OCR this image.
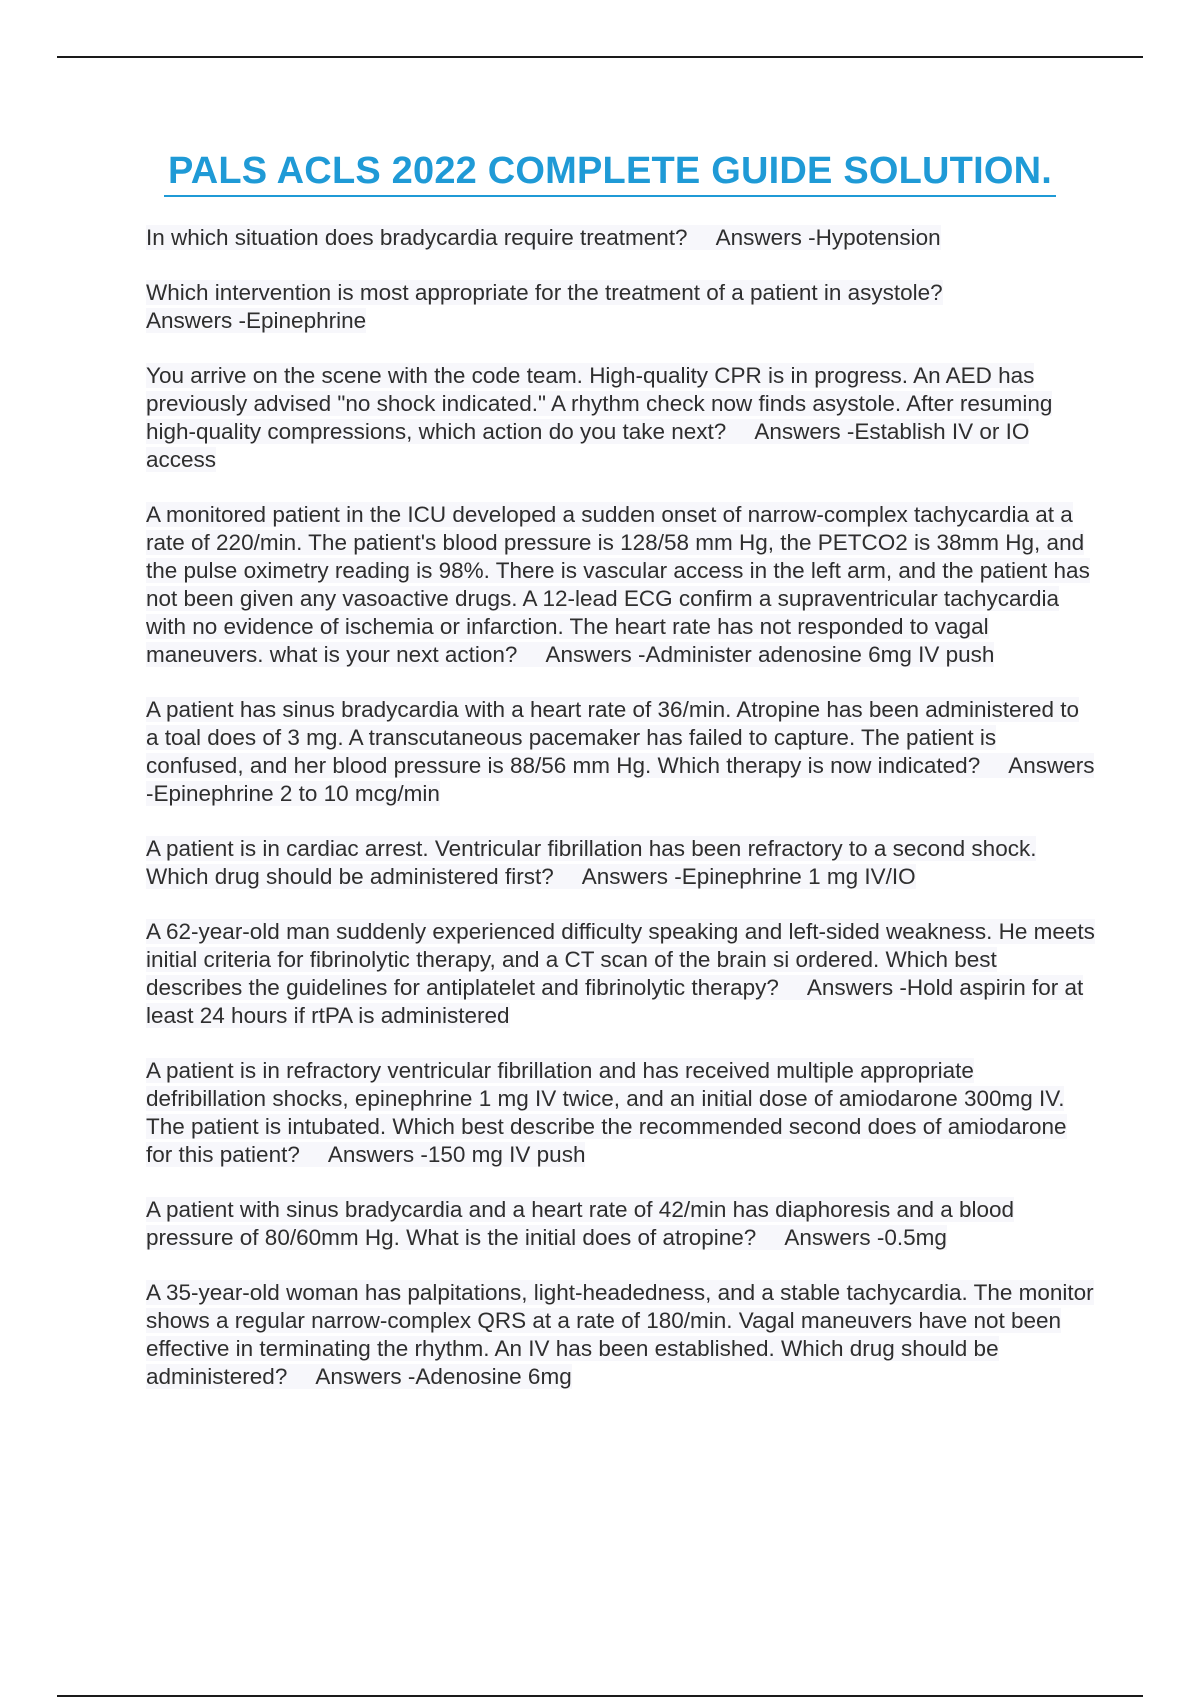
PALS ACLS 2022 COMPLETE GUIDE SOLUTION.

In which situation does bradycardia require treatment? Answers -Hypotension

Which intervention is most appropriate for the treatment of a patient in asystole?
Answers -Epinephrine

You arrive on the scene with the code team. High-quality CPR is in progress. An AED has previously advised "no shock indicated." A rhythm check now finds asystole. After resuming high-quality compressions, which action do you take next? Answers -Establish IV or IO access

A monitored patient in the ICU developed a sudden onset of narrow-complex tachycardia at a rate of 220/min. The patient's blood pressure is 128/58 mm Hg, the PETCO2 is 38mm Hg, and the pulse oximetry reading is 98%. There is vascular access in the left arm, and the patient has not been given any vasoactive drugs. A 12-lead ECG confirm a supraventricular tachycardia with no evidence of ischemia or infarction. The heart rate has not responded to vagal maneuvers. what is your next action? Answers -Administer adenosine 6mg IV push

A patient has sinus bradycardia with a heart rate of 36/min. Atropine has been administered to a toal does of 3 mg. A transcutaneous pacemaker has failed to capture. The patient is confused, and her blood pressure is 88/56 mm Hg. Which therapy is now indicated? Answers -Epinephrine 2 to 10 mcg/min

A patient is in cardiac arrest. Ventricular fibrillation has been refractory to a second shock. Which drug should be administered first? Answers -Epinephrine 1 mg IV/IO

A 62-year-old man suddenly experienced difficulty speaking and left-sided weakness. He meets initial criteria for fibrinolytic therapy, and a CT scan of the brain si ordered. Which best describes the guidelines for antiplatelet and fibrinolytic therapy? Answers -Hold aspirin for at least 24 hours if rtPA is administered

A patient is in refractory ventricular fibrillation and has received multiple appropriate defribillation shocks, epinephrine 1 mg IV twice, and an initial dose of amiodarone 300mg IV. The patient is intubated. Which best describe the recommended second does of amiodarone for this patient? Answers -150 mg IV push

A patient with sinus bradycardia and a heart rate of 42/min has diaphoresis and a blood pressure of 80/60mm Hg. What is the initial does of atropine? Answers -0.5mg

A 35-year-old woman has palpitations, light-headedness, and a stable tachycardia. The monitor shows a regular narrow-complex QRS at a rate of 180/min. Vagal maneuvers have not been effective in terminating the rhythm. An IV has been established. Which drug should be administered? Answers -Adenosine 6mg
